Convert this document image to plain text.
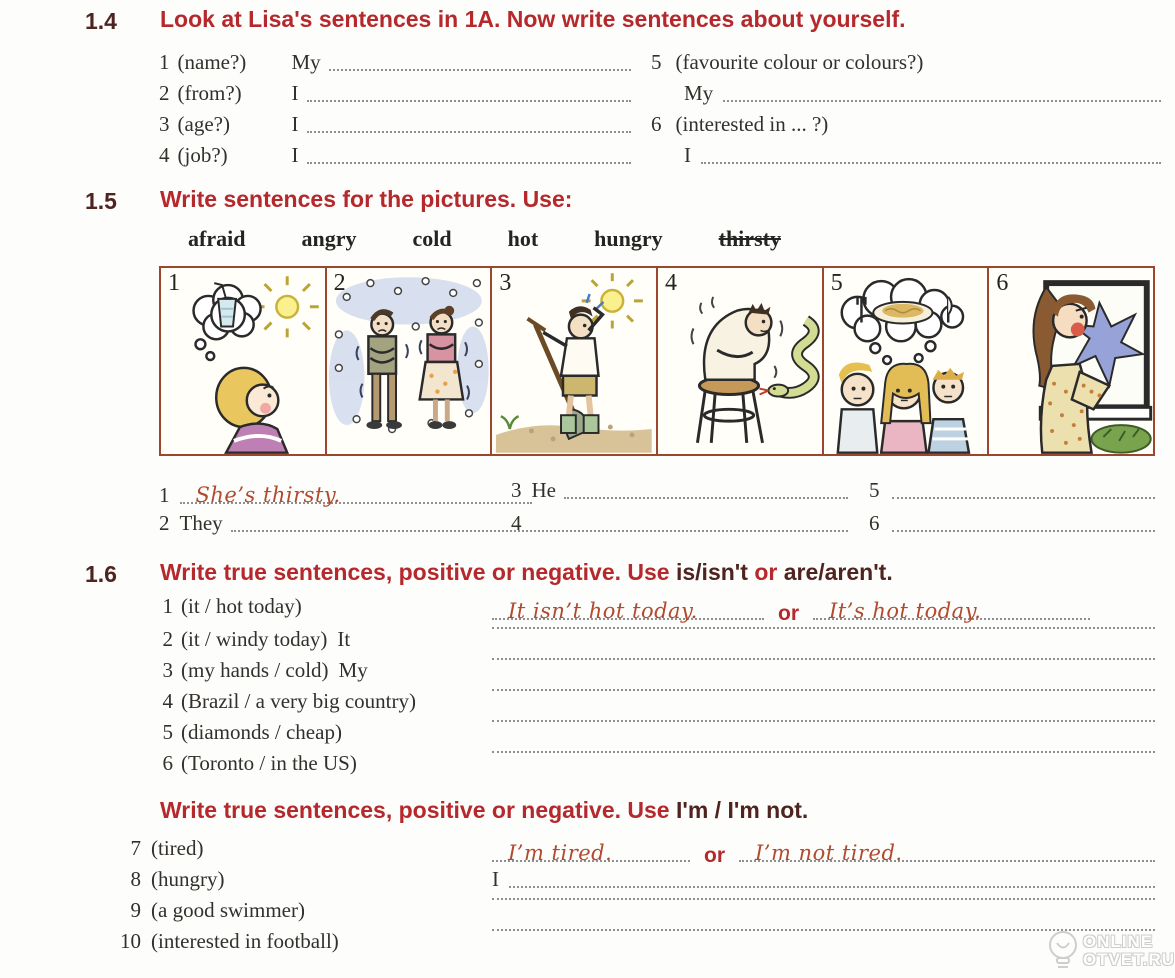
1.4 Look at Lisa's sentences in 1A. Now write sentences about yourself.
1 (name?)	My
2 (from?)	I
3 (age?)	I
4 (job?)	I
5 (favourite colour or colours?)
My
6 (interested in ... ?)
I
1.5 Write sentences for the pictures. Use:
afraid	angry	cold	hot	hungry	thirsty
1	2	3	4	5	6
1	She’s thirsty.	3 He	5
2 They	4	6
1.6 Write true sentences, positive or negative. Use is/isn't or are/aren't.
1 (it / hot today)	It isn’t hot today.	or	It’s hot today.
2 (it / windy today) It
3 (my hands / cold) My
4 (Brazil / a very big country)
5 (diamonds / cheap)
6 (Toronto / in the US)
Write true sentences, positive or negative. Use I'm / I'm not.
7 (tired)	I’m tired.	or	I’m not tired.
8 (hungry)	I
9 (a good swimmer)
10 (interested in football)	ONLINE
OTVET.RU
